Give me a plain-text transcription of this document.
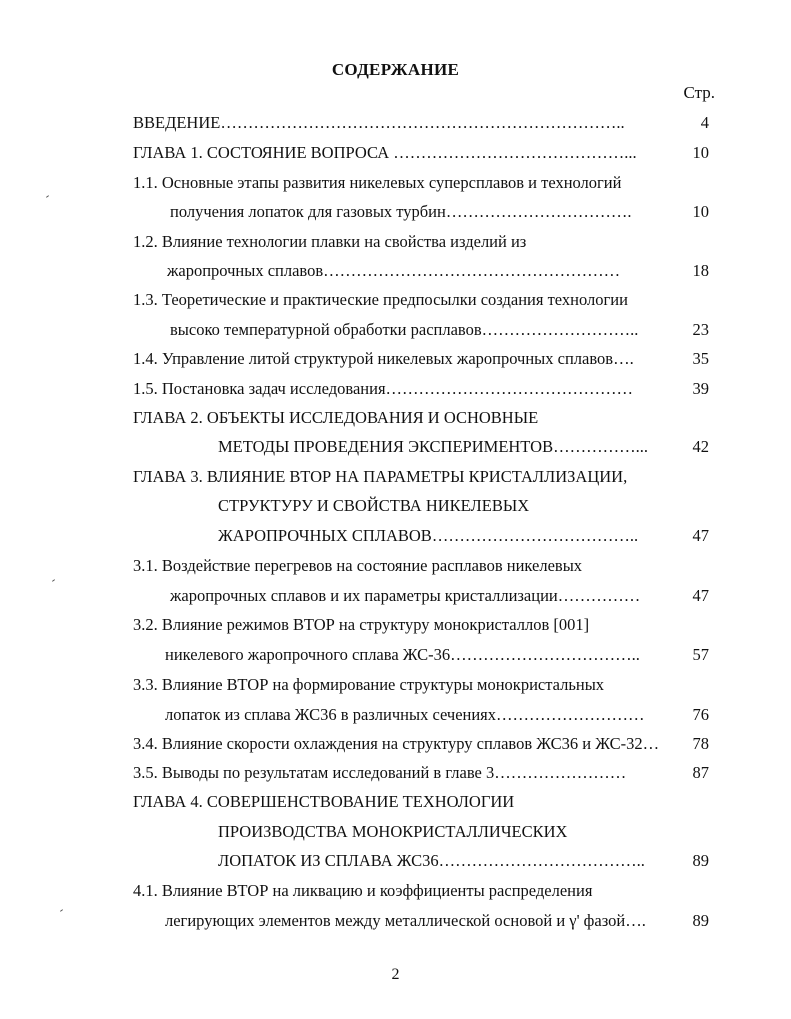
СОДЕРЖАНИЕ
Стр.
ВВЕДЕНИЕ………………………………………………………………..	4
ГЛАВА 1. СОСТОЯНИЕ ВОПРОСА ……………………………………...	10
1.1. Основные этапы развития никелевых суперсплавов и технологий
получения лопаток для газовых турбин…………………………….	10
1.2. Влияние технологии плавки на свойства изделий из
жаропрочных сплавов………………………………………………	18
1.3. Теоретические и практические предпосылки создания технологии
высоко температурной обработки расплавов………………………..	23
1.4. Управление литой структурой никелевых жаропрочных сплавов….	35
1.5. Постановка задач исследования………………………………………	39
ГЛАВА 2. ОБЪЕКТЫ ИССЛЕДОВАНИЯ И ОСНОВНЫЕ
МЕТОДЫ ПРОВЕДЕНИЯ ЭКСПЕРИМЕНТОВ……………...	42
ГЛАВА 3. ВЛИЯНИЕ ВТОР НА ПАРАМЕТРЫ КРИСТАЛЛИЗАЦИИ,
СТРУКТУРУ И СВОЙСТВА НИКЕЛЕВЫХ
ЖАРОПРОЧНЫХ СПЛАВОВ………………………………..	47
3.1. Воздействие перегревов на состояние расплавов никелевых
жаропрочных сплавов и их параметры кристаллизации……………	47
3.2. Влияние режимов ВТОР на структуру монокристаллов [001]
никелевого жаропрочного сплава ЖС-36……………………………..	57
3.3. Влияние ВТОР на формирование структуры монокристальных
лопаток из сплава ЖС36 в различных сечениях………………………	76
3.4. Влияние скорости охлаждения на структуру сплавов ЖС36 и ЖС-32… 78
3.5. Выводы по результатам исследований в главе 3……………………	87
ГЛАВА 4. СОВЕРШЕНСТВОВАНИЕ ТЕХНОЛОГИИ
ПРОИЗВОДСТВА МОНОКРИСТАЛЛИЧЕСКИХ
ЛОПАТОК ИЗ СПЛАВА ЖС36………………………………..	89
4.1. Влияние ВТОР на ликвацию и коэффициенты распределения
легирующих элементов между металлической основой и γ' фазой….	89
2
